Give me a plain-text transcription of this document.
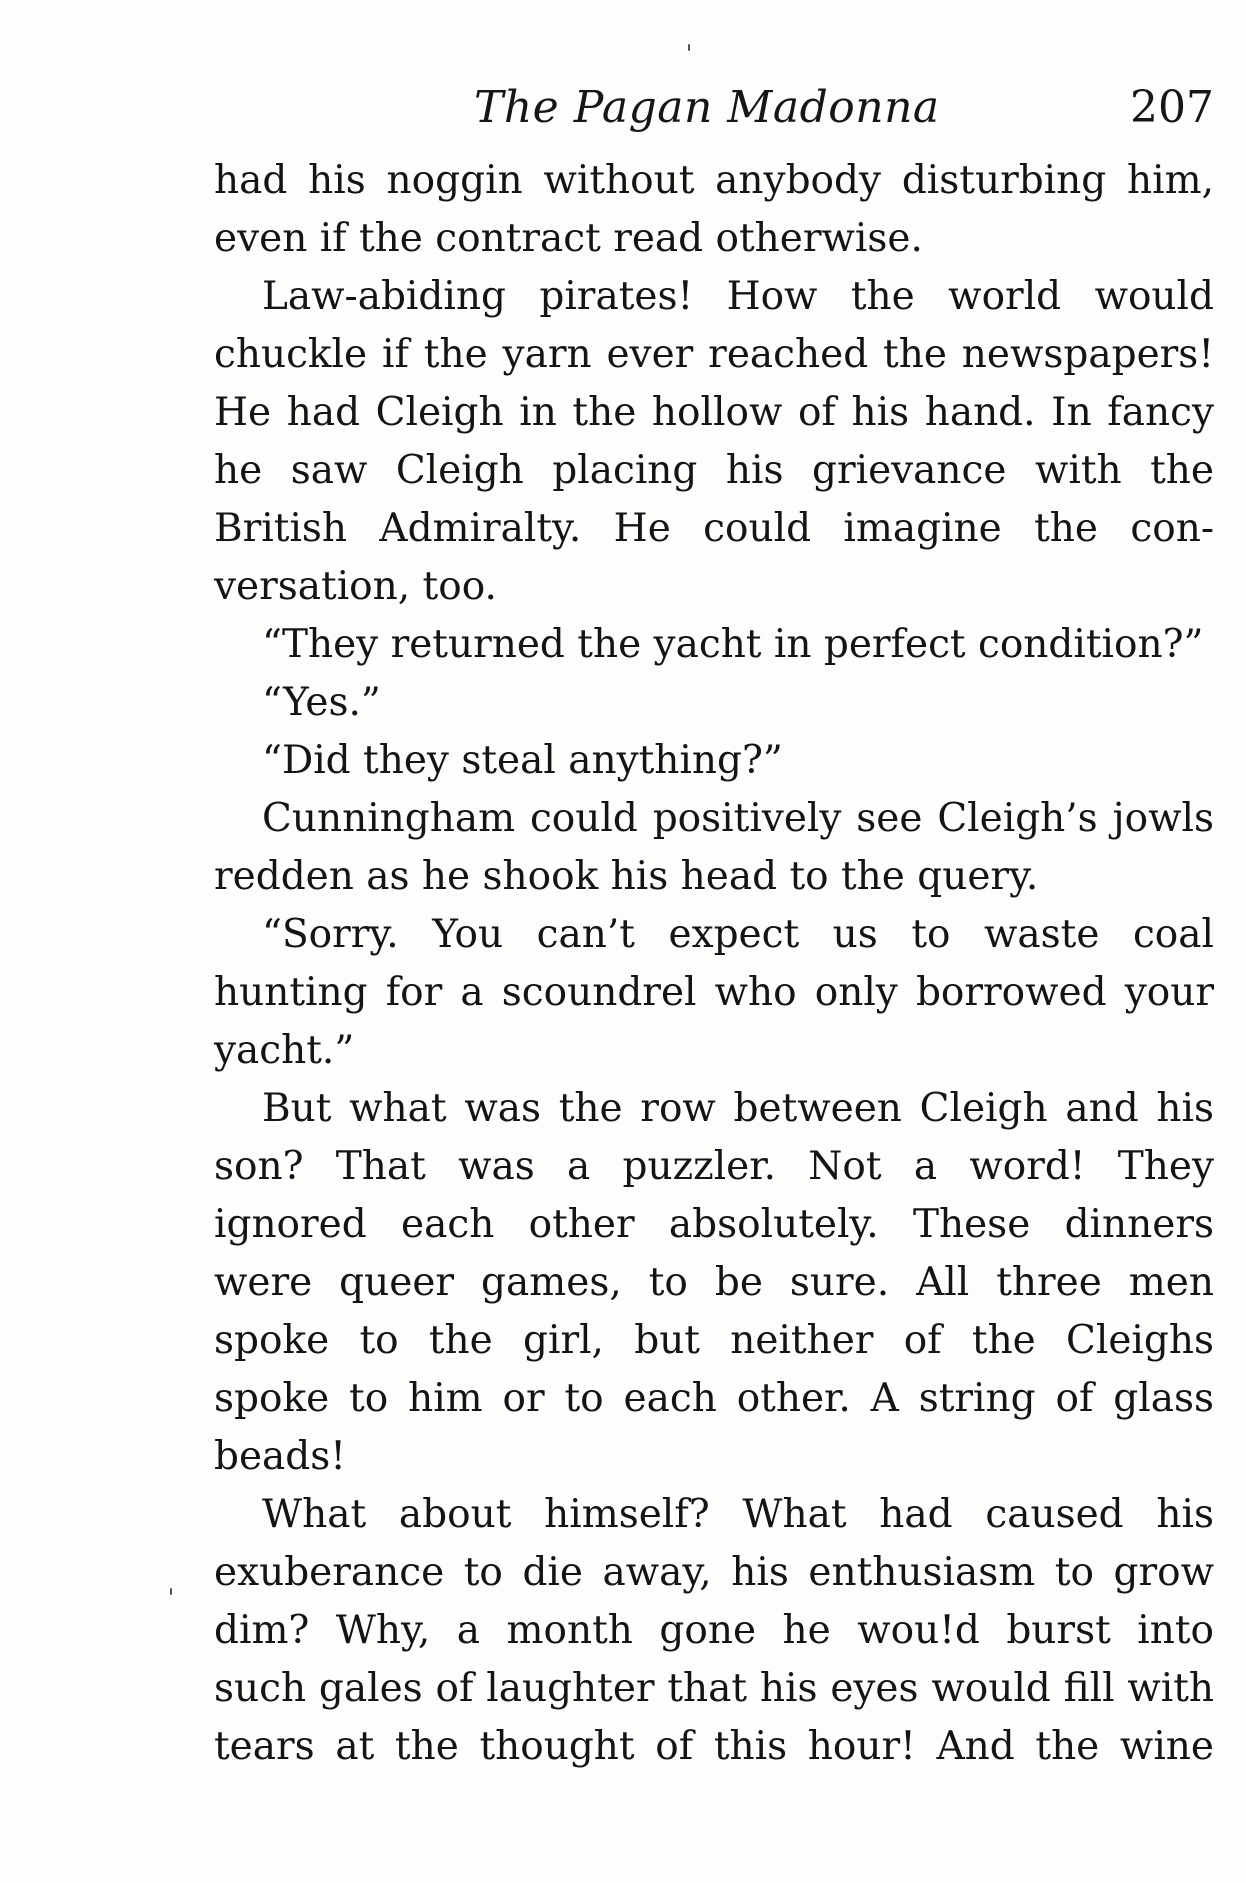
The Pagan Madonna	207
had his noggin without anybody disturbing him,
even if the contract read otherwise.
Law-abiding pirates! How the world would
chuckle if the yarn ever reached the newspapers!
He had Cleigh in the hollow of his hand. In fancy
he saw Cleigh placing his grievance with the
British Admiralty. He could imagine the con-
versation, too.
“They returned the yacht in perfect condition?”
“Yes.”
“Did they steal anything?”
Cunningham could positively see Cleigh’s jowls
redden as he shook his head to the query.
“Sorry. You can’t expect us to waste coal
hunting for a scoundrel who only borrowed your
yacht.”
But what was the row between Cleigh and his
son? That was a puzzler. Not a word! They
ignored each other absolutely. These dinners
were queer games, to be sure. All three men
spoke to the girl, but neither of the Cleighs
spoke to him or to each other. A string of glass
beads!
What about himself? What had caused his
exuberance to die away, his enthusiasm to grow
dim? Why, a month gone he wou!d burst into
such gales of laughter that his eyes would fill with
tears at the thought of this hour! And the wine
